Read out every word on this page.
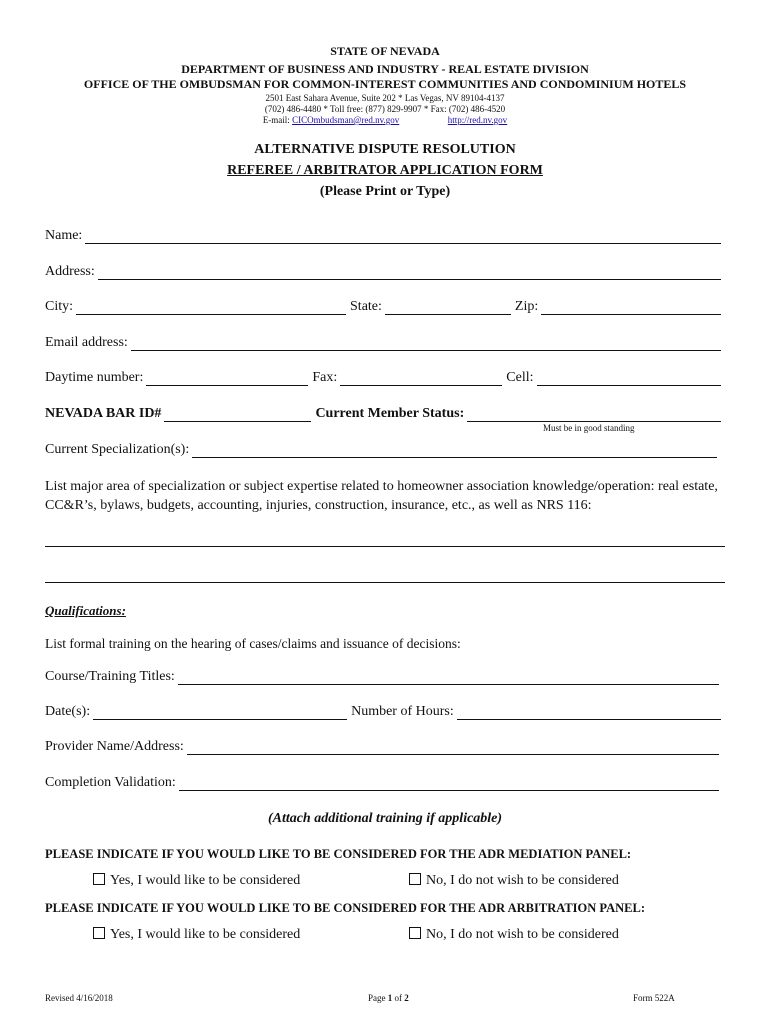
STATE OF NEVADA
DEPARTMENT OF BUSINESS AND INDUSTRY - REAL ESTATE DIVISION
OFFICE OF THE OMBUDSMAN FOR COMMON-INTEREST COMMUNITIES AND CONDOMINIUM HOTELS
2501 East Sahara Avenue, Suite 202 * Las Vegas, NV 89104-4137
(702) 486-4480 * Toll free: (877) 829-9907 * Fax: (702) 486-4520
E-mail: CICOmbudsman@red.nv.gov	http://red.nv.gov
ALTERNATIVE DISPUTE RESOLUTION
REFEREE / ARBITRATOR APPLICATION FORM
(Please Print or Type)
Name:
Address:
City:	State:	Zip:
Email address:
Daytime number:	Fax:	Cell:
NEVADA BAR ID#	Current Member Status:
Must be in good standing
Current Specialization(s):
List major area of specialization or subject expertise related to homeowner association knowledge/operation: real estate, CC&R’s, bylaws, budgets, accounting, injuries, construction, insurance, etc., as well as NRS 116:
Qualifications:
List formal training on the hearing of cases/claims and issuance of decisions:
Course/Training Titles:
Date(s):	Number of Hours:
Provider Name/Address:
Completion Validation:
(Attach additional training if applicable)
PLEASE INDICATE IF YOU WOULD LIKE TO BE CONSIDERED FOR THE ADR MEDIATION PANEL:
Yes, I would like to be considered	No, I do not wish to be considered
PLEASE INDICATE IF YOU WOULD LIKE TO BE CONSIDERED FOR THE ADR ARBITRATION PANEL:
Yes, I would like to be considered	No, I do not wish to be considered
Revised 4/16/2018	Page 1 of 2	Form 522A
